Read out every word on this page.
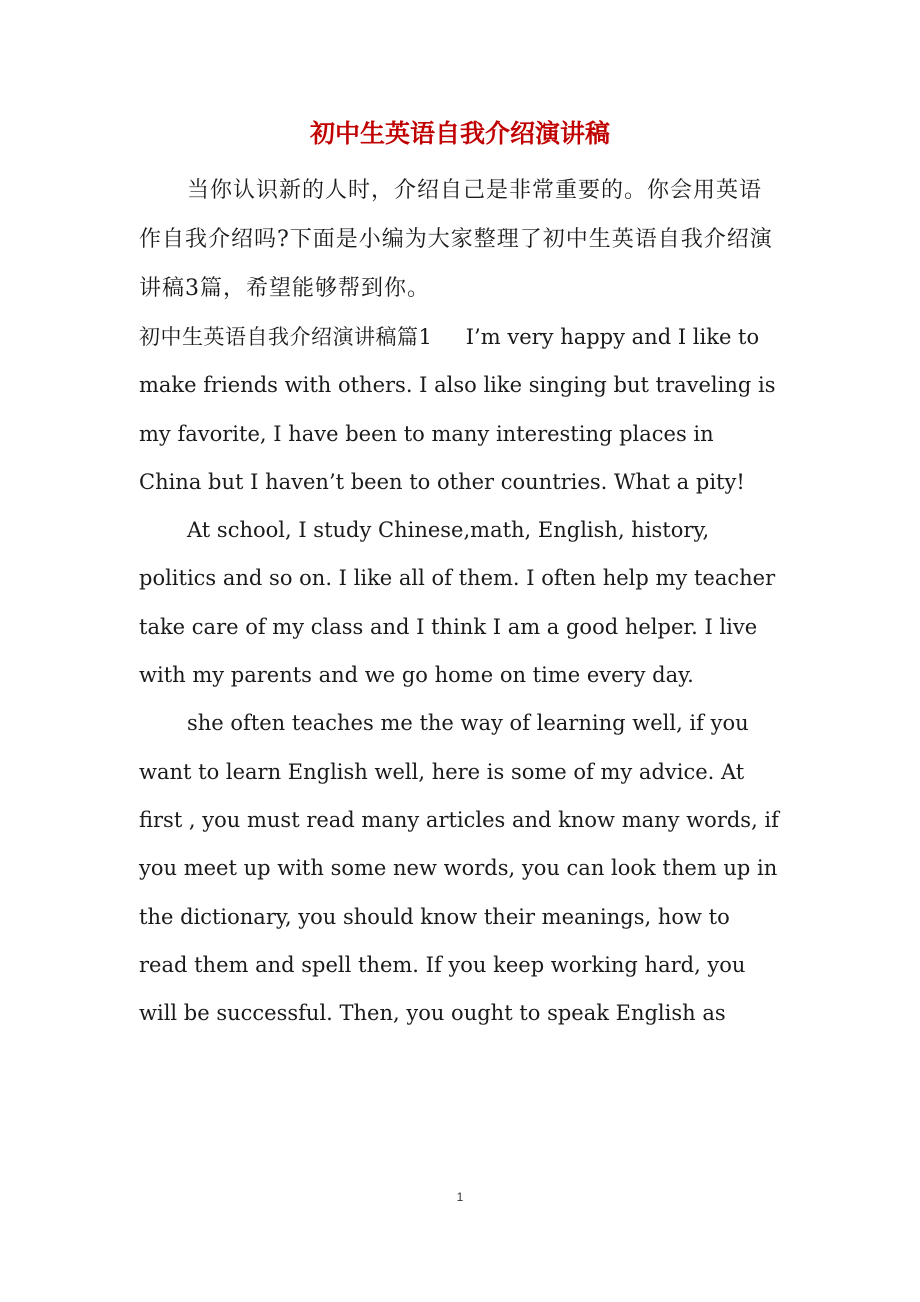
初中生英语自我介绍演讲稿

当你认识新的人时，介绍自己是非常重要的。你会用英语作自我介绍吗?下面是小编为大家整理了初中生英语自我介绍演讲稿3篇，希望能够帮到你。

初中生英语自我介绍演讲稿篇1 I’m very happy and I like to make friends with others. I also like singing but traveling is my favorite, I have been to many interesting places in China but I haven’t been to other countries. What a pity!

At school, I study Chinese,math, English, history, politics and so on. I like all of them. I often help my teacher take care of my class and I think I am a good helper. I live with my parents and we go home on time every day.

she often teaches me the way of learning well, if you want to learn English well, here is some of my advice. At first , you must read many articles and know many words, if you meet up with some new words, you can look them up in the dictionary, you should know their meanings, how to read them and spell them. If you keep working hard, you will be successful. Then, you ought to speak English as

1
